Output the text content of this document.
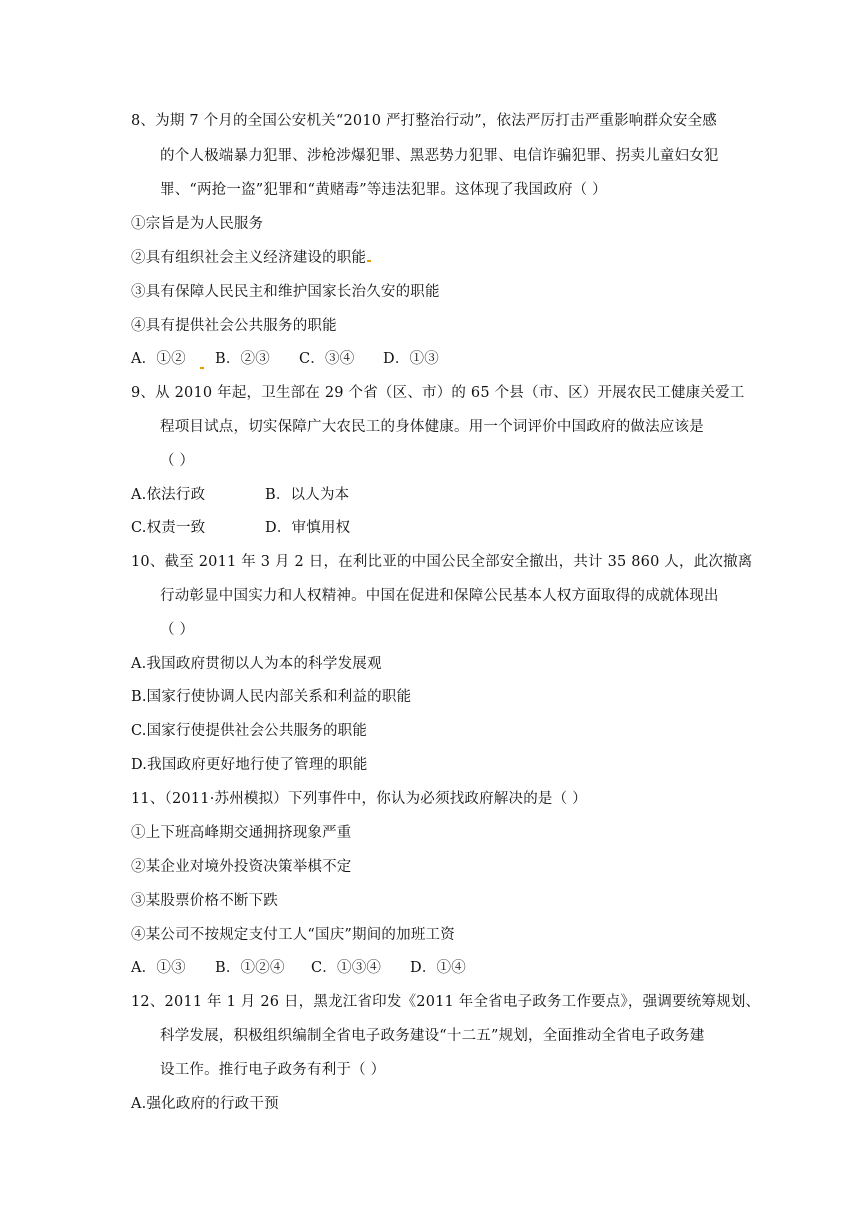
8、为期 7 个月的全国公安机关“2010 严打整治行动”，依法严厉打击严重影响群众安全感
的个人极端暴力犯罪、涉枪涉爆犯罪、黑恶势力犯罪、电信诈骗犯罪、拐卖儿童妇女犯
罪、“两抢一盗”犯罪和“黄赌毒”等违法犯罪。这体现了我国政府（ ）
①宗旨是为人民服务
②具有组织社会主义经济建设的职能
③具有保障人民民主和维护国家长治久安的职能
④具有提供社会公共服务的职能
A．①② B．②③ C．③④ D．①③
9、从 2010 年起，卫生部在 29 个省（区、市）的 65 个县（市、区）开展农民工健康关爱工
程项目试点，切实保障广大农民工的身体健康。用一个词评价中国政府的做法应该是
（ ）
A.依法行政	B．以人为本
C.权责一致	D．审慎用权
10、截至 2011 年 3 月 2 日，在利比亚的中国公民全部安全撤出，共计 35 860 人，此次撤离
行动彰显中国实力和人权精神。中国在促进和保障公民基本人权方面取得的成就体现出
（ ）
A.我国政府贯彻以人为本的科学发展观
B.国家行使协调人民内部关系和利益的职能
C.国家行使提供社会公共服务的职能
D.我国政府更好地行使了管理的职能
11、（2011·苏州模拟）下列事件中，你认为必须找政府解决的是（ ）
①上下班高峰期交通拥挤现象严重
②某企业对境外投资决策举棋不定
③某股票价格不断下跌
④某公司不按规定支付工人“国庆”期间的加班工资
A．①③ B．①②④ C．①③④ D．①④
12、2011 年 1 月 26 日，黑龙江省印发《2011 年全省电子政务工作要点》，强调要统筹规划、
科学发展，积极组织编制全省电子政务建设“十二五”规划，全面推动全省电子政务建
设工作。推行电子政务有利于（ ）
A.强化政府的行政干预
